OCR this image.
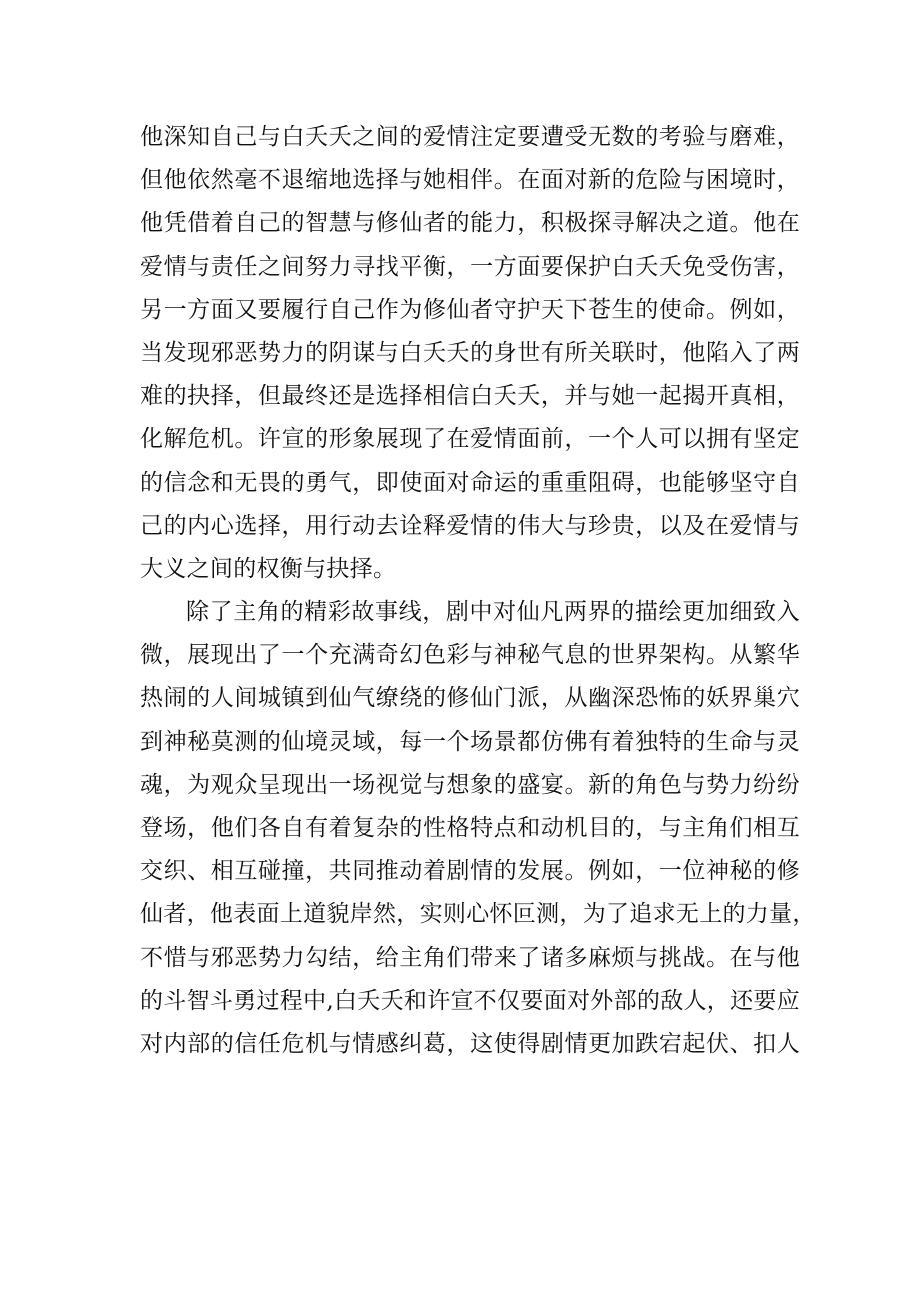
他深知自己与白夭夭之间的爱情注定要遭受无数的考验与磨难，
但他依然毫不退缩地选择与她相伴。在面对新的危险与困境时，
他凭借着自己的智慧与修仙者的能力，积极探寻解决之道。他在
爱情与责任之间努力寻找平衡，一方面要保护白夭夭免受伤害，
另一方面又要履行自己作为修仙者守护天下苍生的使命。例如，
当发现邪恶势力的阴谋与白夭夭的身世有所关联时，他陷入了两
难的抉择，但最终还是选择相信白夭夭，并与她一起揭开真相，
化解危机。许宣的形象展现了在爱情面前，一个人可以拥有坚定
的信念和无畏的勇气，即使面对命运的重重阻碍，也能够坚守自
己的内心选择，用行动去诠释爱情的伟大与珍贵，以及在爱情与
大义之间的权衡与抉择。
除了主角的精彩故事线，剧中对仙凡两界的描绘更加细致入
微，展现出了一个充满奇幻色彩与神秘气息的世界架构。从繁华
热闹的人间城镇到仙气缭绕的修仙门派，从幽深恐怖的妖界巢穴
到神秘莫测的仙境灵域，每一个场景都仿佛有着独特的生命与灵
魂，为观众呈现出一场视觉与想象的盛宴。新的角色与势力纷纷
登场，他们各自有着复杂的性格特点和动机目的，与主角们相互
交织、相互碰撞，共同推动着剧情的发展。例如，一位神秘的修
仙者，他表面上道貌岸然，实则心怀叵测，为了追求无上的力量，
不惜与邪恶势力勾结，给主角们带来了诸多麻烦与挑战。在与他
的斗智斗勇过程中,白夭夭和许宣不仅要面对外部的敌人，还要应
对内部的信任危机与情感纠葛，这使得剧情更加跌宕起伏、扣人
